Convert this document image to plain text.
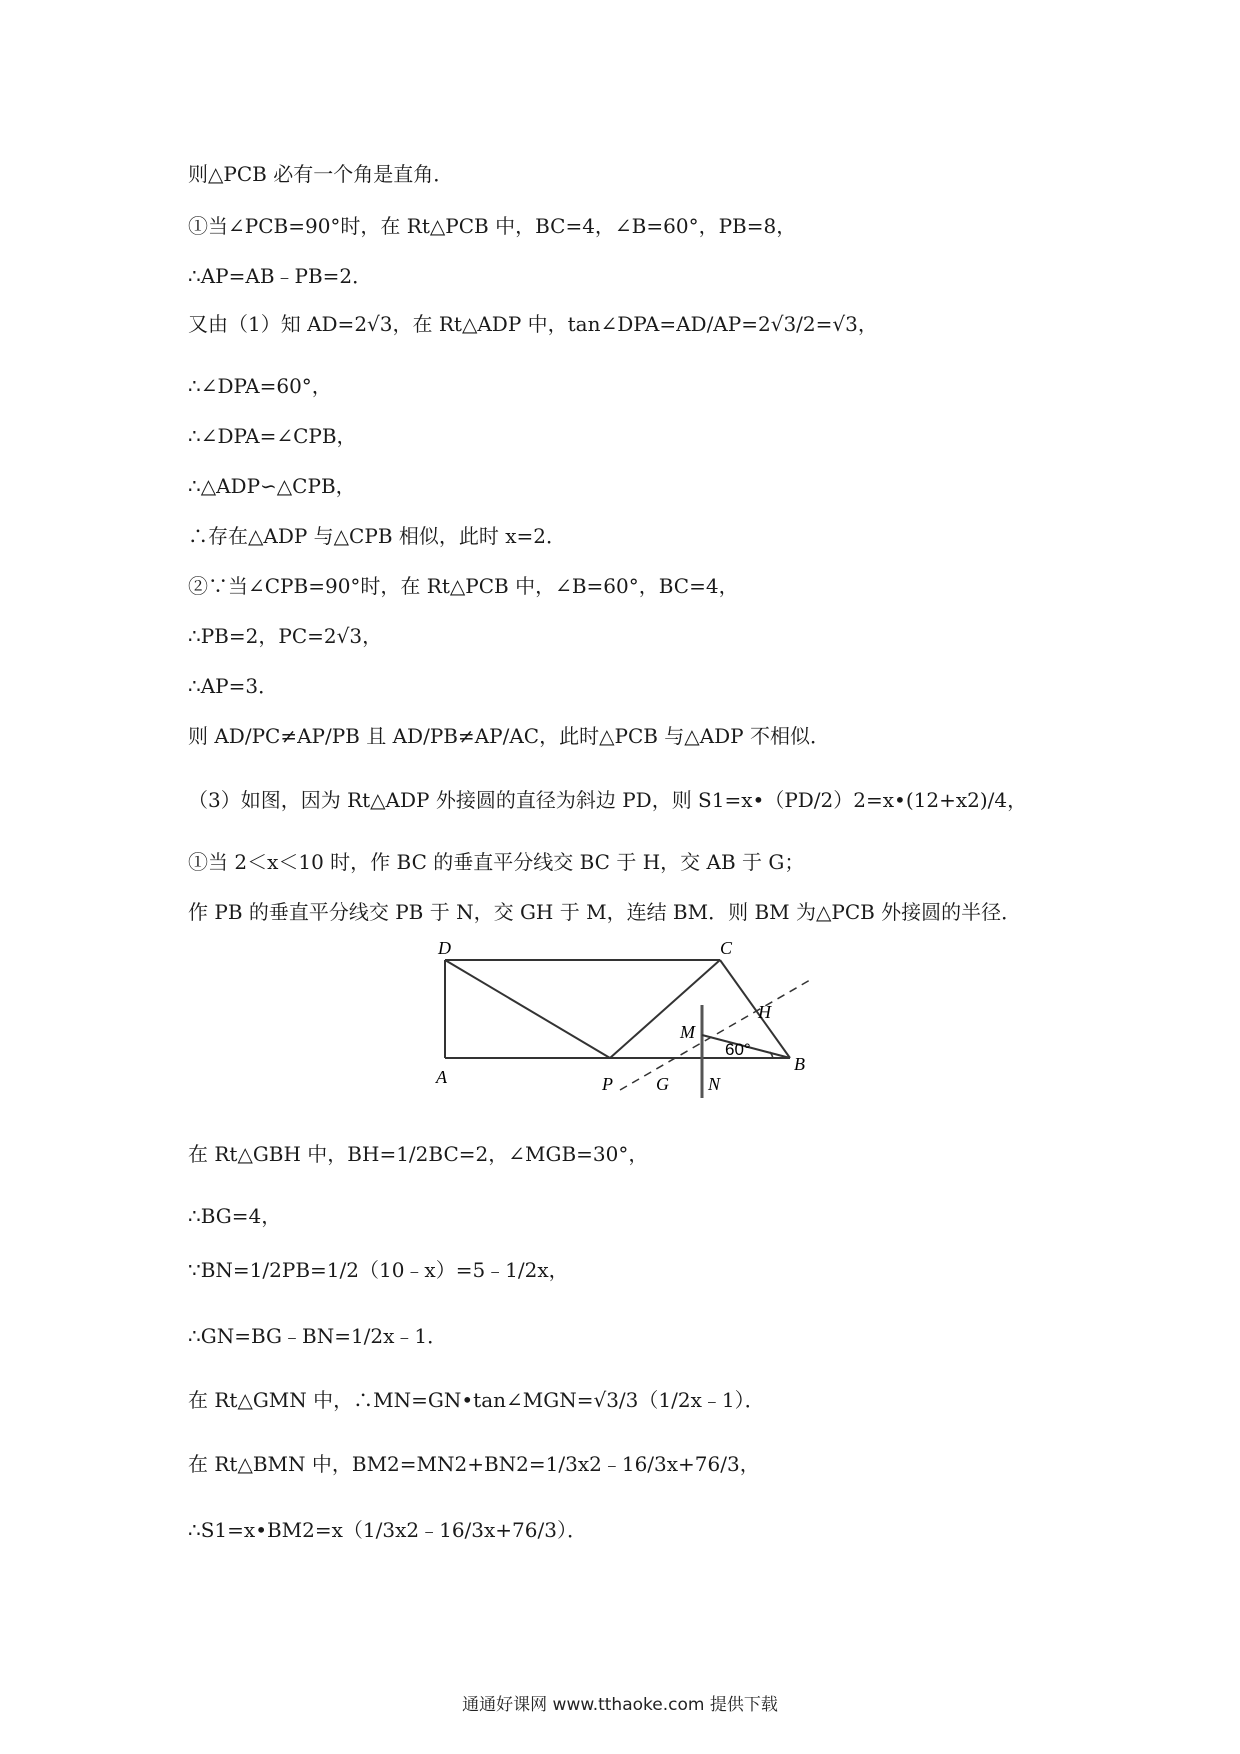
则△PCB 必有一个角是直角．
①当∠PCB=90°时，在 Rt△PCB 中，BC=4，∠B=60°，PB=8，
∴AP=AB﹣PB=2．
又由（1）知 AD=2√3，在 Rt△ADP 中，tan∠DPA=AD/AP=2√3/2=√3，
∴∠DPA=60°，
∴∠DPA=∠CPB，
∴△ADP∽△CPB，
∴存在△ADP 与△CPB 相似，此时 x=2．
②∵当∠CPB=90°时，在 Rt△PCB 中，∠B=60°，BC=4，
∴PB=2，PC=2√3，
∴AP=3．
则 AD/PC≠AP/PB 且 AD/PB≠AP/AC，此时△PCB 与△ADP 不相似．
（3）如图，因为 Rt△ADP 外接圆的直径为斜边 PD，则 S1=x•（PD/2）2=x•(12+x2)/4，
①当 2＜x＜10 时，作 BC 的垂直平分线交 BC 于 H，交 AB 于 G；
作 PB 的垂直平分线交 PB 于 N，交 GH 于 M，连结 BM．则 BM 为△PCB 外接圆的半径．
D	C
H
M
60°
A	P G N
B
在 Rt△GBH 中，BH=1/2BC=2，∠MGB=30°，
∴BG=4，
∵BN=1/2PB=1/2（10﹣x）=5﹣1/2x，
∴GN=BG﹣BN=1/2x﹣1．
在 Rt△GMN 中，∴MN=GN•tan∠MGN=√3/3（1/2x﹣1）．
在 Rt△BMN 中，BM2=MN2+BN2=1/3x2﹣16/3x+76/3，
∴S1=x•BM2=x（1/3x2﹣16/3x+76/3）．
通通好课网 www.tthaoke.com 提供下载
